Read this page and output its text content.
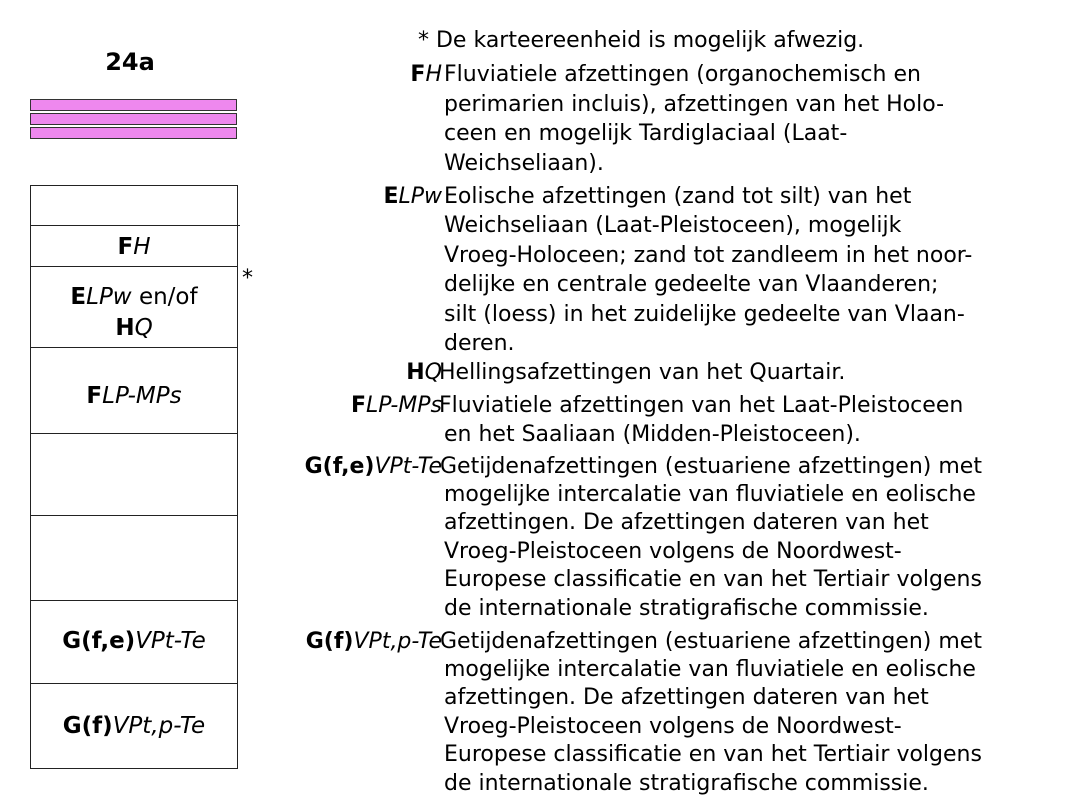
24a
FH
ELPw en/of
HQ
FLP-MPs
G(f,e)VPt-Te
G(f)VPt,p-Te
*
* De karteereenheid is mogelijk afwezig.
FH Fluviatiele afzettingen (organochemisch en
perimarien incluis), afzettingen van het Holo-
ceen en mogelijk Tardiglaciaal (Laat-
Weichseliaan).
ELPw Eolische afzettingen (zand tot silt) van het
Weichseliaan (Laat-Pleistoceen), mogelijk
Vroeg-Holoceen; zand tot zandleem in het noor-
delijke en centrale gedeelte van Vlaanderen;
silt (loess) in het zuidelijke gedeelte van Vlaan-
deren.
HQ
Hellingsafzettingen van het Quartair.
FLP-MPs
Fluviatiele afzettingen van het Laat-Pleistoceen
en het Saaliaan (Midden-Pleistoceen).
G(f,e)VPt-Te
Getijdenafzettingen (estuariene afzettingen) met
mogelijke intercalatie van fluviatiele en eolische
afzettingen. De afzettingen dateren van het
Vroeg-Pleistoceen volgens de Noordwest-
Europese classificatie en van het Tertiair volgens
de internationale stratigrafische commissie.
G(f)VPt,p-Te
Getijdenafzettingen (estuariene afzettingen) met
mogelijke intercalatie van fluviatiele en eolische
afzettingen. De afzettingen dateren van het
Vroeg-Pleistoceen volgens de Noordwest-
Europese classificatie en van het Tertiair volgens
de internationale stratigrafische commissie.
